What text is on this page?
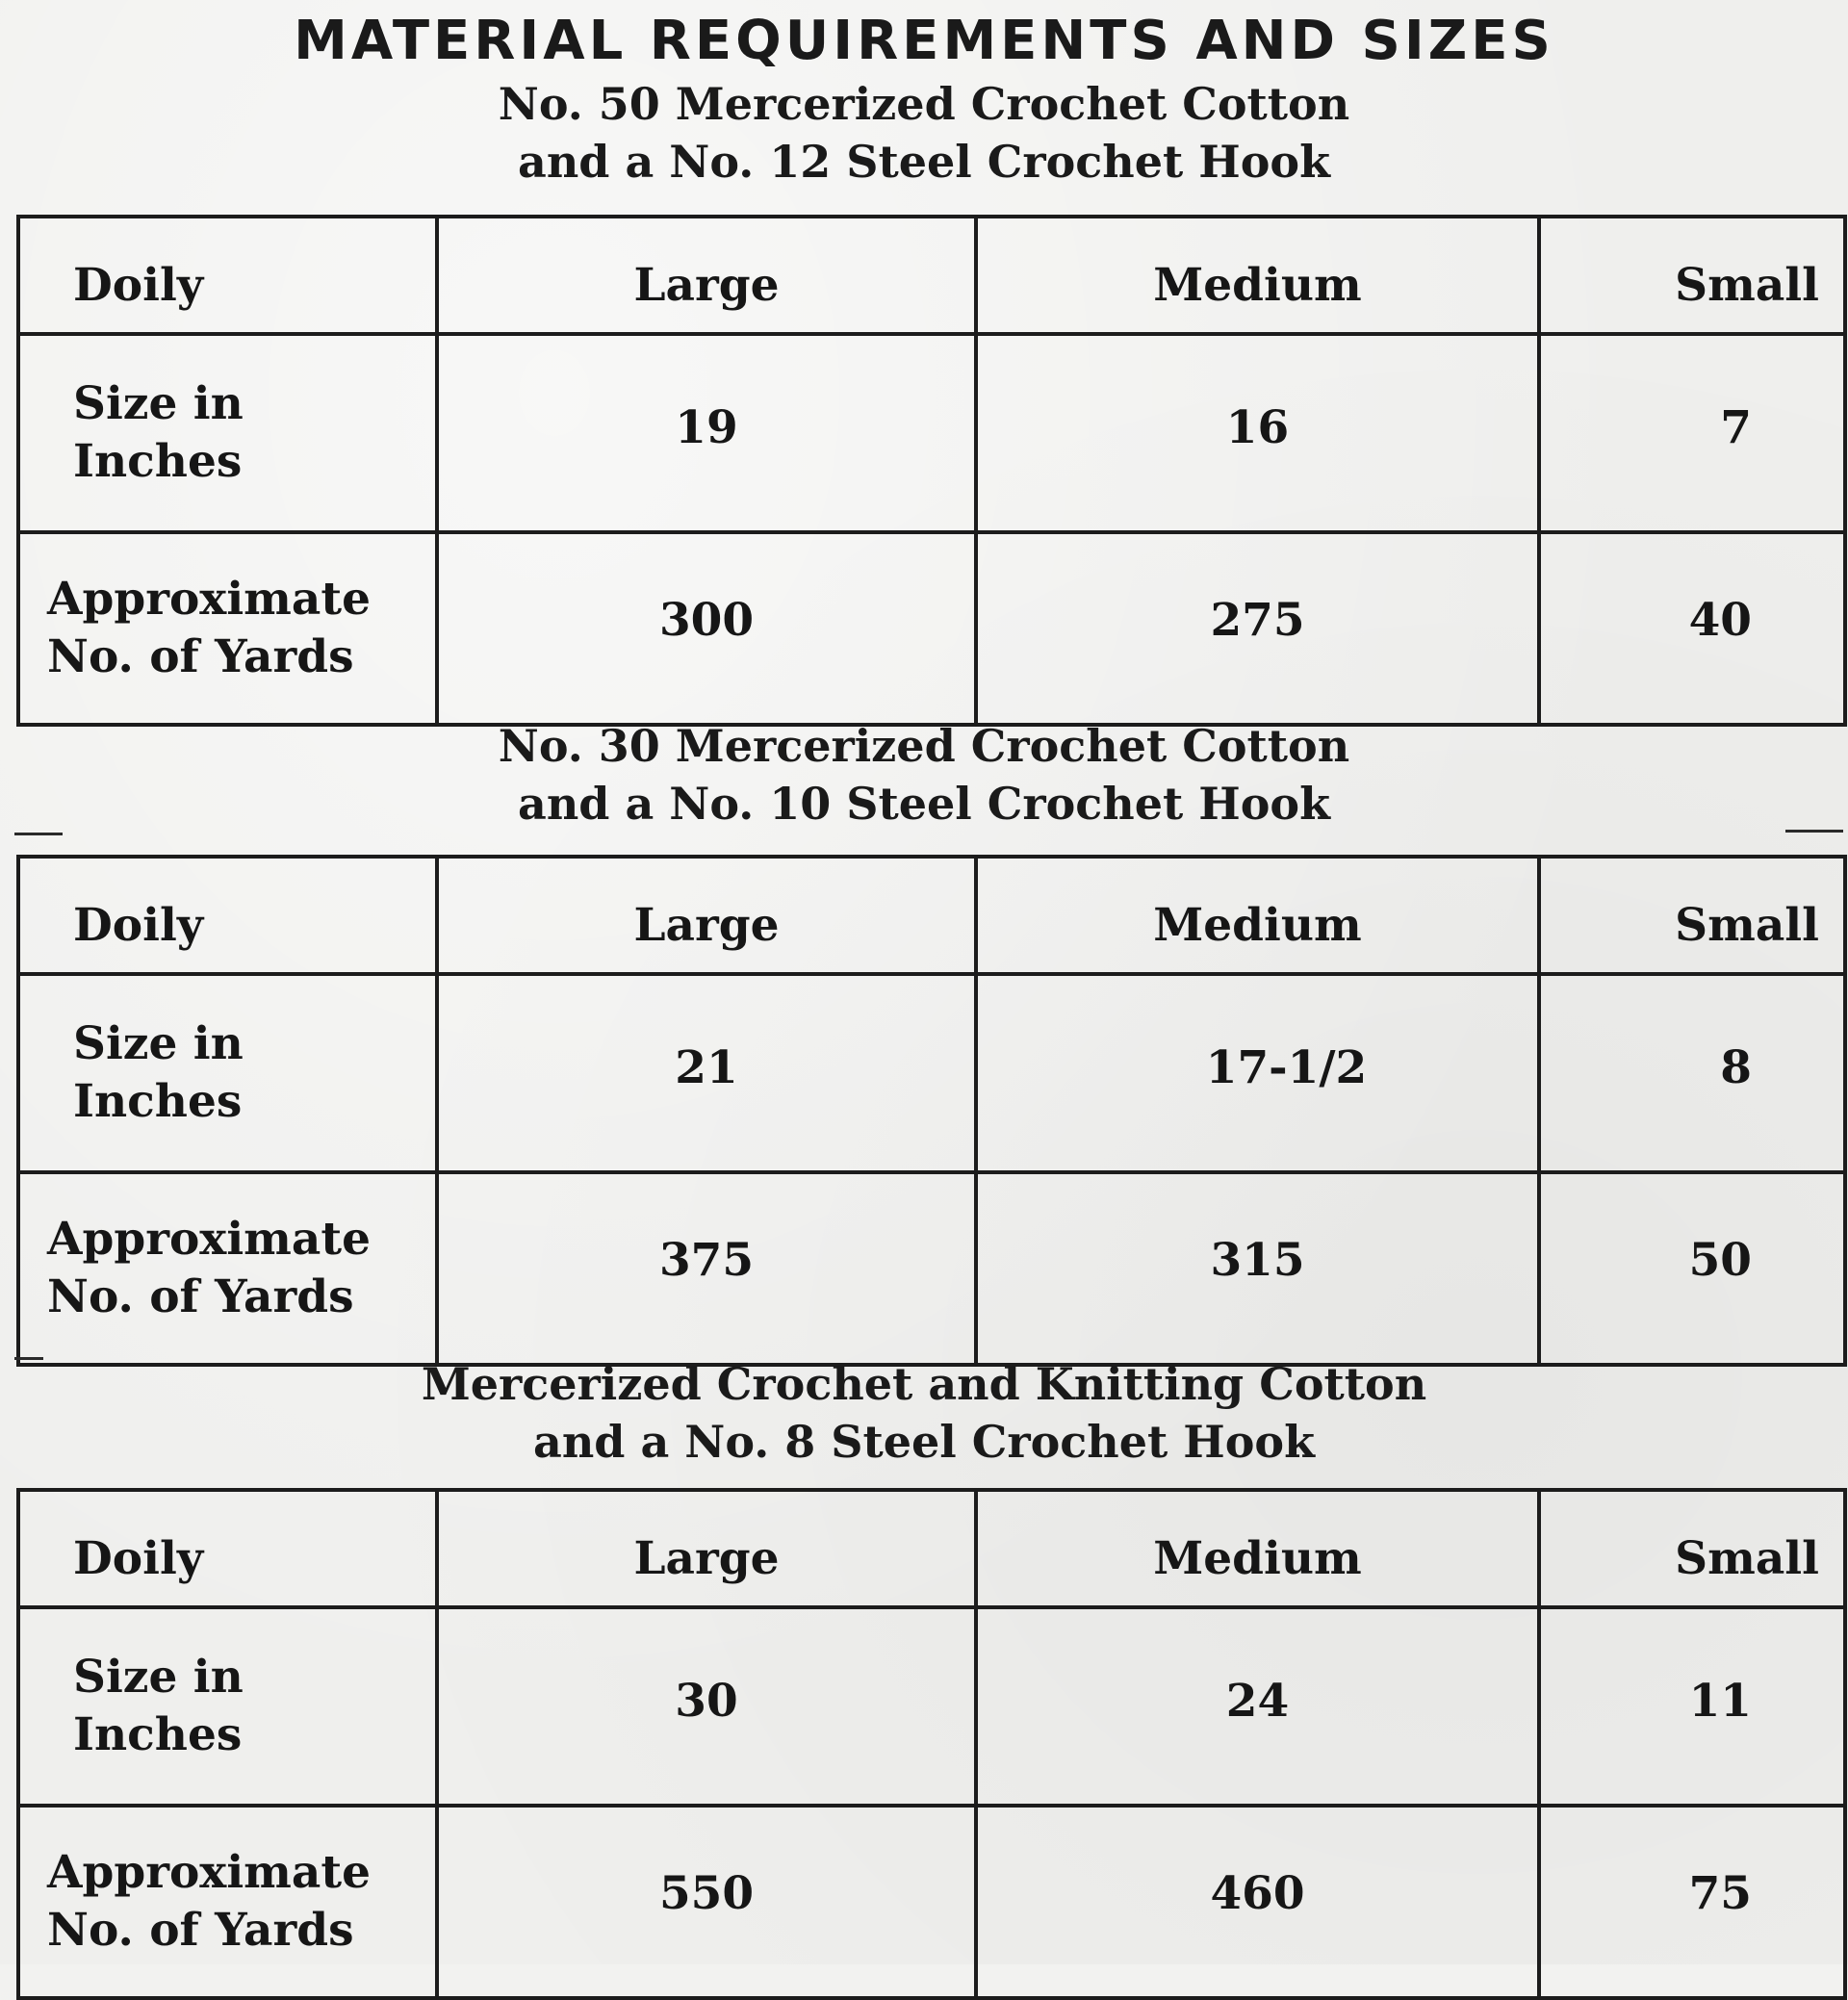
MATERIAL REQUIREMENTS AND SIZES
No. 50 Mercerized Crochet Cotton
and a No. 12 Steel Crochet Hook
Doily	Large	Medium	Small

Size in
Inches	19	16	7

Approximate
No. of Yards	300	275	40
No. 30 Mercerized Crochet Cotton
and a No. 10 Steel Crochet Hook
Doily	Large	Medium	Small

Size in
Inches	21	17-1/2	8

Approximate
No. of Yards	375	315	50
Mercerized Crochet and Knitting Cotton
and a No. 8 Steel Crochet Hook
Doily	Large	Medium	Small

Size in
Inches	30	24	11

Approximate
No. of Yards	550	460	75
